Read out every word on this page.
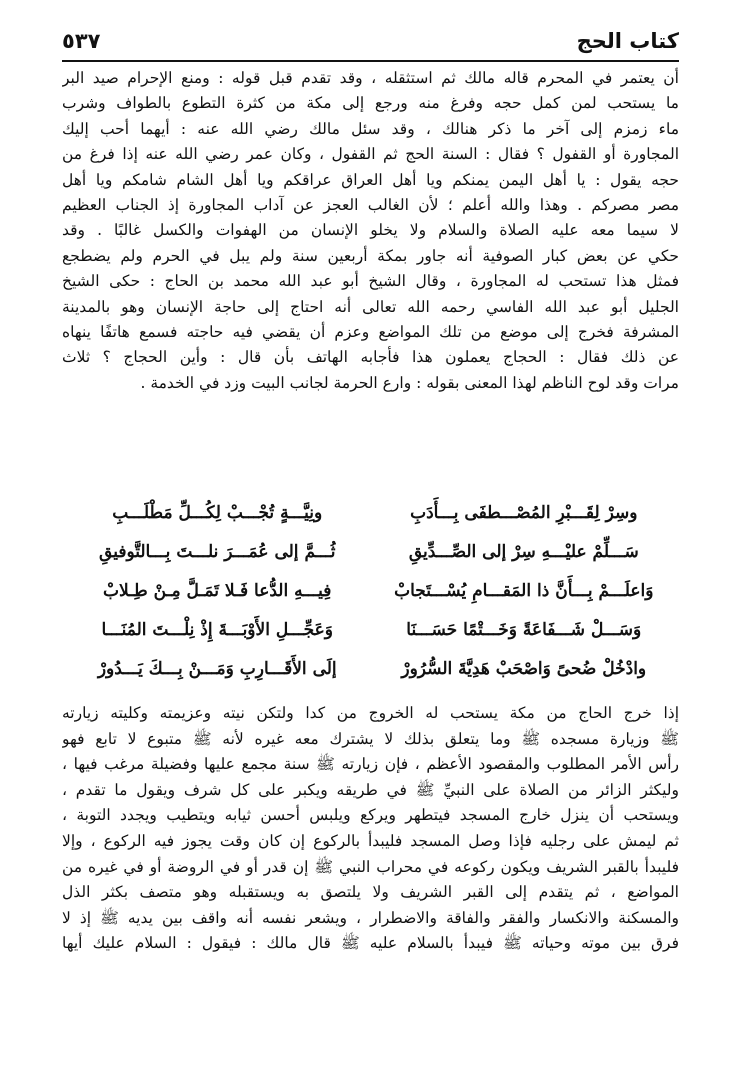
كتاب الحج
٥٣٧
أن يعتمر في المحرم قاله مالك ثم استثقله ، وقد تقدم قبل قوله : ومنع الإحرام صيد البر
ما يستحب لمن كمل حجه وفرغ منه ورجع إلى مكة من كثرة التطوع بالطواف وشرب
ماء زمزم إلى آخر ما ذكر هنالك ، وقد سئل مالك رضي الله عنه : أيهما أحب إليك
المجاورة أو القفول ؟ فقال : السنة الحج ثم القفول ، وكان عمر رضي الله عنه إذا فرغ من
حجه يقول : يا أهل اليمن يمنكم ويا أهل العراق عراقكم ويا أهل الشام شامكم ويا أهل
مصر مصركم . وهذا والله أعلم ؛ لأن الغالب العجز عن آداب المجاورة إذ الجناب العظيم
لا سيما معه عليه الصلاة والسلام ولا يخلو الإنسان من الهفوات والكسل غالبًا . وقد
حكي عن بعض كبار الصوفية أنه جاور بمكة أربعين سنة ولم يبل في الحرم ولم يضطجع
فمثل هذا تستحب له المجاورة ، وقال الشيخ أبو عبد الله محمد بن الحاج : حكى الشيخ
الجليل أبو عبد الله الفاسي رحمه الله تعالى أنه احتاج إلى حاجة الإنسان وهو بالمدينة
المشرفة فخرج إلى موضع من تلك المواضع وعزم أن يقضي فيه حاجته فسمع هاتفًا ينهاه
عن ذلك فقال : الحجاج يعملون هذا فأجابه الهاتف بأن قال : وأين الحجاج ؟ ثلاث
مرات وقد لوح الناظم لهذا المعنى بقوله : وارع الحرمة لجانب البيت وزد في الخدمة .
وسِرْ لِقَـــبْرِ المُصْـــطفَى بِـــأَدَبِ
ونِيَّـــةٍ تُجْـــبْ لِكُـــلِّ مَطْلَـــبِ
سَـــلِّمْ عليْـــهِ سِرْ إلى الصِّـــدِّيقِ
ثُـــمَّ إلى عُمَـــرَ نلـــتَ بِـــالتَّوفيقِ
وَاعلَـــمْ بِـــأَنَّ ذا المَقـــامِ يُسْـــتَجابْ
فِيـــهِ الدُّعا فَـلا تَمَـلَّ مِـنْ طِـلابْ
وَسَـــلْ شَـــفَاعَةً وَخَـــتْمًا حَسَـــنَا
وَعَجِّـــلِ الأَوْبَـــةَ إِذْ نِلْـــتَ المُنَـــا
وادْخُلْ ضُحىً وَاصْحَبْ هَدِيَّةَ السُّرُورْ
إلَى الأَقَـــارِبِ وَمَـــنْ بِـــكَ يَـــدُورْ
إذا خرج الحاج من مكة يستحب له الخروج من كدا ولتكن نيته وعزيمته وكليته زيارته
ﷺ وزيارة مسجده ﷺ وما يتعلق بذلك لا يشترك معه غيره لأنه ﷺ متبوع لا تابع فهو
رأس الأمر المطلوب والمقصود الأعظم ، فإن زيارته ﷺ سنة مجمع عليها وفضيلة مرغب فيها ،
وليكثر الزائر من الصلاة على النبيِّ ﷺ في طريقه ويكبر على كل شرف ويقول ما تقدم ،
ويستحب أن ينزل خارج المسجد فيتطهر ويركع ويلبس أحسن ثيابه ويتطيب ويجدد التوبة ،
ثم ليمش على رجليه فإذا وصل المسجد فليبدأ بالركوع إن كان وقت يجوز فيه الركوع ، وإلا
فليبدأ بالقبر الشريف ويكون ركوعه في محراب النبي ﷺ إن قدر أو في الروضة أو في غيره من
المواضع ، ثم يتقدم إلى القبر الشريف ولا يلتصق به ويستقبله وهو متصف بكثر الذل
والمسكنة والانكسار والفقر والفاقة والاضطرار ، ويشعر نفسه أنه واقف بين يديه ﷺ إذ لا
فرق بين موته وحياته ﷺ فيبدأ بالسلام عليه ﷺ قال مالك : فيقول : السلام عليك أيها
